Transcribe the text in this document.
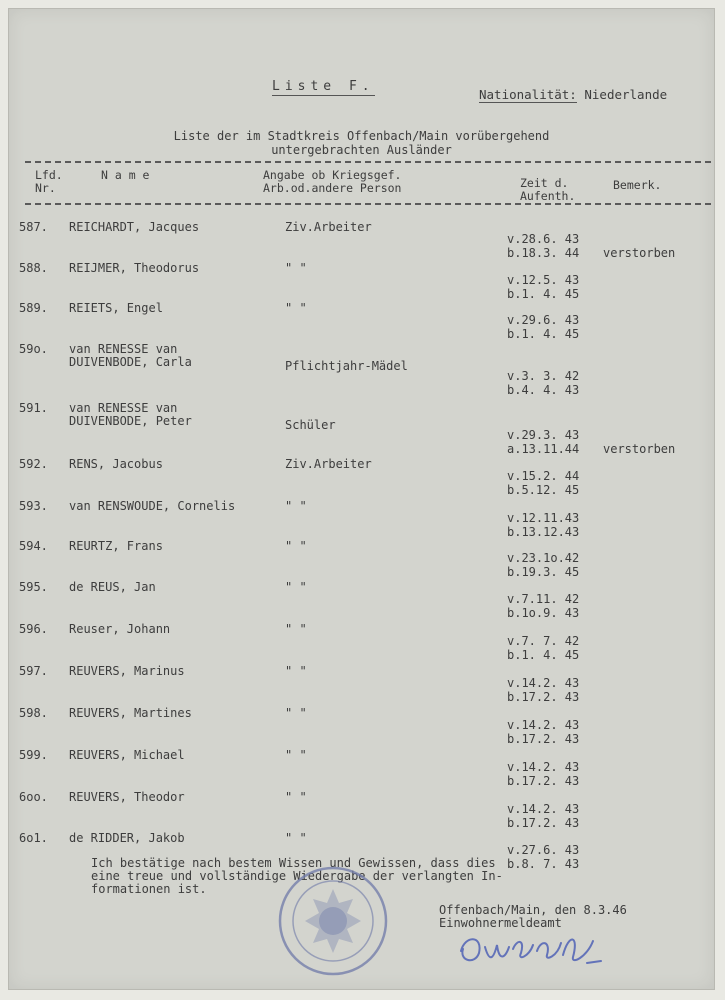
Liste F.
Nationalität: Niederlande
Liste der im Stadtkreis Offenbach/Main vorübergehend
untergebrachten Ausländer
Lfd.
Nr.
N a m e	Angabe ob Kriegsgef.
Arb.od.andere Person	Zeit d.
Aufenth.
Bemerk.
587. REICHARDT, Jacques	Ziv.Arbeiter
v.28.6. 43
b.18.3. 44 verstorben
588. REIJMER, Theodorus	" "
v.12.5. 43
b.1. 4. 45
589. REIETS, Engel	" "
v.29.6. 43
b.1. 4. 45
59o. van RENESSE van
DUIVENBODE, Carla	Pflichtjahr-Mädel
v.3. 3. 42
b.4. 4. 43
591. van RENESSE van
DUIVENBODE, Peter	Schüler
v.29.3. 43
a.13.11.44 verstorben
592. RENS, Jacobus	Ziv.Arbeiter
v.15.2. 44
b.5.12. 45
593. van RENSWOUDE, Cornelis	" "
v.12.11.43
b.13.12.43
594. REURTZ, Frans	" "
v.23.1o.42
b.19.3. 45
595. de REUS, Jan	" "
v.7.11. 42
b.1o.9. 43
596. Reuser, Johann	" "
v.7. 7. 42
b.1. 4. 45
597. REUVERS, Marinus	" "
v.14.2. 43
b.17.2. 43
598. REUVERS, Martines	" "
v.14.2. 43
b.17.2. 43
599. REUVERS, Michael	" "
v.14.2. 43
b.17.2. 43
6oo. REUVERS, Theodor	" "
v.14.2. 43
b.17.2. 43
6o1. de RIDDER, Jakob	" "
v.27.6. 43
b.8. 7. 43
Ich bestätige nach bestem Wissen und Gewissen, dass dies
eine treue und vollständige Wiedergabe der verlangten In-
formationen ist.
Offenbach/Main, den 8.3.46
Einwohnermeldeamt
